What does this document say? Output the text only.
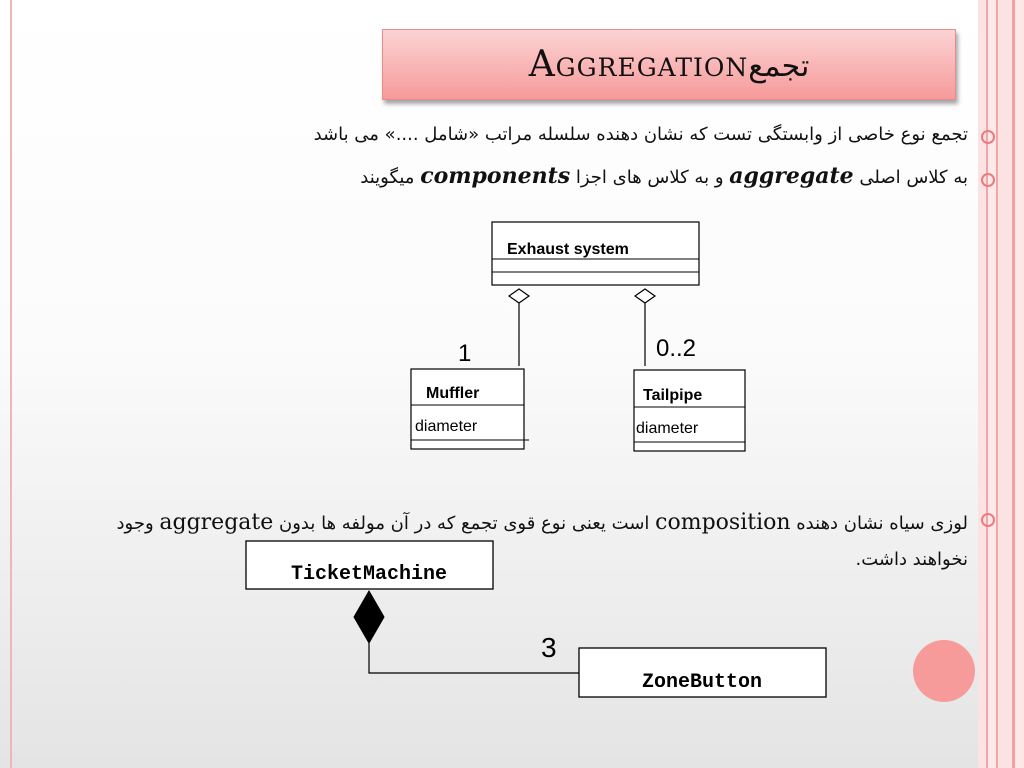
Aggregationتجمع
تجمع نوع خاصی از وابستگی تست که نشان دهنده سلسله مراتب «شامل ....» می باشد
به کلاس اصلی aggregate و به کلاس های اجزا components میگویند
لوزی سیاه نشان دهنده composition است یعنی نوع قوی تجمع که در آن مولفه ها بدون aggregate وجود نخواهند داشت.
Exhaust system
1	0..2
Muffler
diameter
Tailpipe
diameter
TicketMachine
3
ZoneButton
